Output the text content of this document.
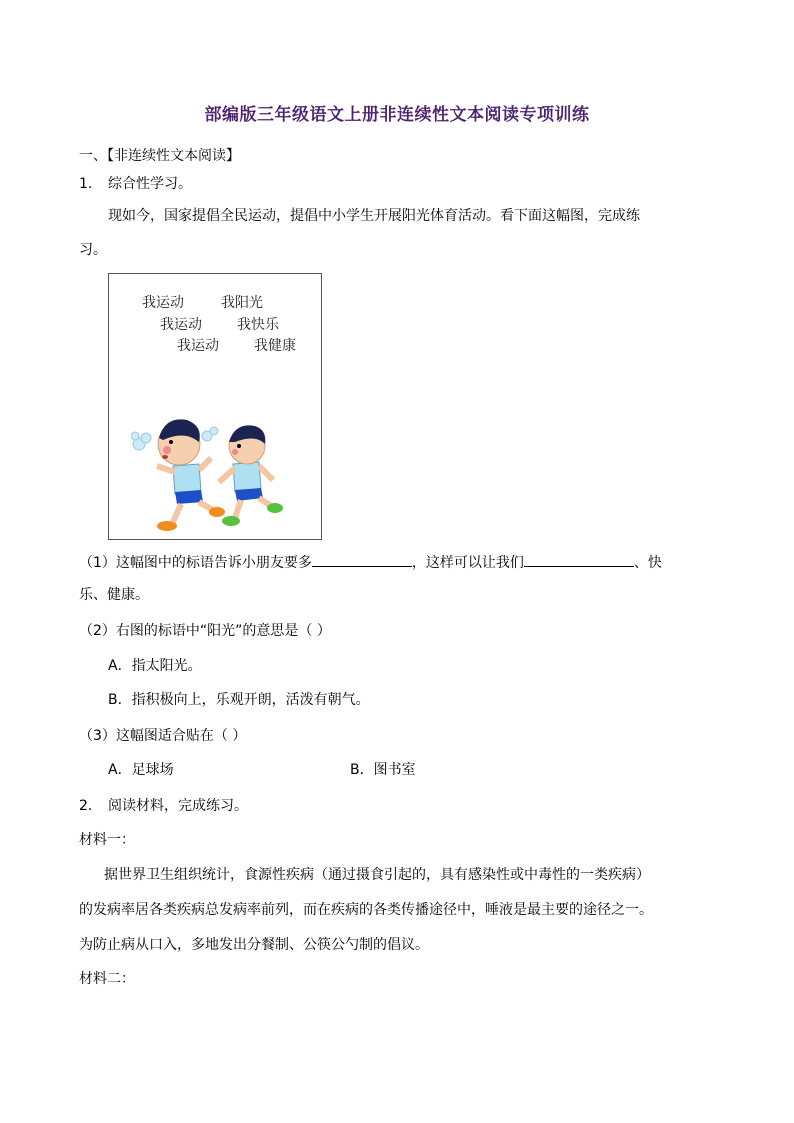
部编版三年级语文上册非连续性文本阅读专项训练
一、【非连续性文本阅读】
1. 综合性学习。
现如今，国家提倡全民运动，提倡中小学生开展阳光体育活动。看下面这幅图，完成练
习。
我运动	我阳光
我运动	我快乐
我运动	我健康
（1）这幅图中的标语告诉小朋友要多	，这样可以让我们	、快
乐、健康。
（2）右图的标语中“阳光”的意思是（ ）
A．指太阳光。
B．指积极向上，乐观开朗，活泼有朝气。
（3）这幅图适合贴在（ ）
A．足球场	B．图书室
2. 阅读材料，完成练习。
材料一：
据世界卫生组织统计，食源性疾病（通过摄食引起的，具有感染性或中毒性的一类疾病）
的发病率居各类疾病总发病率前列，而在疾病的各类传播途径中，唾液是最主要的途径之一。
为防止病从口入，多地发出分餐制、公筷公勺制的倡议。
材料二：
